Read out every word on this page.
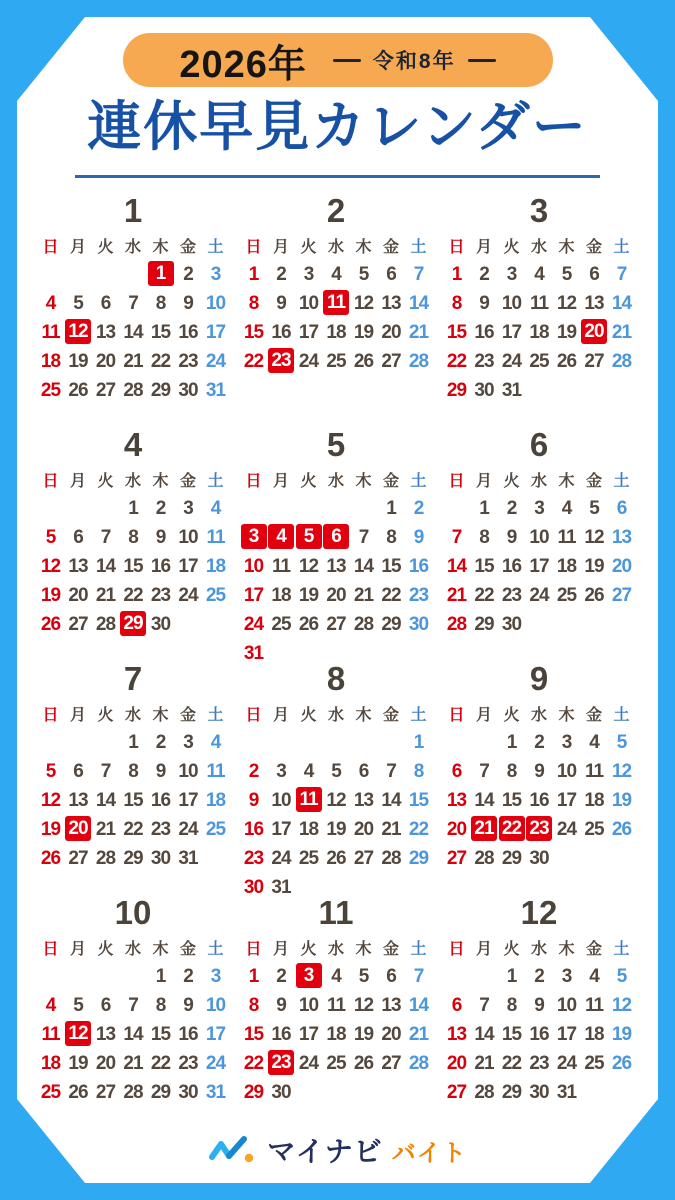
2026年	令和8年
連休早見カレンダー
1
日 月 火 水 木 金 土
1 2 3
4 5 6 7 8 9 10
11 12 13 14 15 16 17
18 19 20 21 22 23 24
25 26 27 28 29 30 31
2
日 月 火 水 木 金 土
1 2 3 4 5 6 7
8 9 10 11 12 13 14
15 16 17 18 19 20 21
22 23 24 25 26 27 28
3
日 月 火 水 木 金 土
1 2 3 4 5 6 7
8 9 10 11 12 13 14
15 16 17 18 19 20 21
22 23 24 25 26 27 28
29 30 31
4
日 月 火 水 木 金 土
1 2 3 4
5 6 7 8 9 10 11
12 13 14 15 16 17 18
19 20 21 22 23 24 25
26 27 28 29 30
5
日 月 火 水 木 金 土
1 2
3 4 5 6 7 8 9
10 11 12 13 14 15 16
17 18 19 20 21 22 23
24 25 26 27 28 29 30
31
6
日 月 火 水 木 金 土
1 2 3 4 5 6
7 8 9 10 11 12 13
14 15 16 17 18 19 20
21 22 23 24 25 26 27
28 29 30
7
日 月 火 水 木 金 土
1 2 3 4
5 6 7 8 9 10 11
12 13 14 15 16 17 18
19 20 21 22 23 24 25
26 27 28 29 30 31
8
日 月 火 水 木 金 土
1
2 3 4 5 6 7 8
9 10 11 12 13 14 15
16 17 18 19 20 21 22
23 24 25 26 27 28 29
30 31
9
日 月 火 水 木 金 土
1 2 3 4 5
6 7 8 9 10 11 12
13 14 15 16 17 18 19
20 21 22 23 24 25 26
27 28 29 30
10
日 月 火 水 木 金 土
1 2 3
4 5 6 7 8 9 10
11 12 13 14 15 16 17
18 19 20 21 22 23 24
25 26 27 28 29 30 31
11
日 月 火 水 木 金 土
1 2 3 4 5 6 7
8 9 10 11 12 13 14
15 16 17 18 19 20 21
22 23 24 25 26 27 28
29 30
12
日 月 火 水 木 金 土
1 2 3 4 5
6 7 8 9 10 11 12
13 14 15 16 17 18 19
20 21 22 23 24 25 26
27 28 29 30 31
マイナビ バイト
